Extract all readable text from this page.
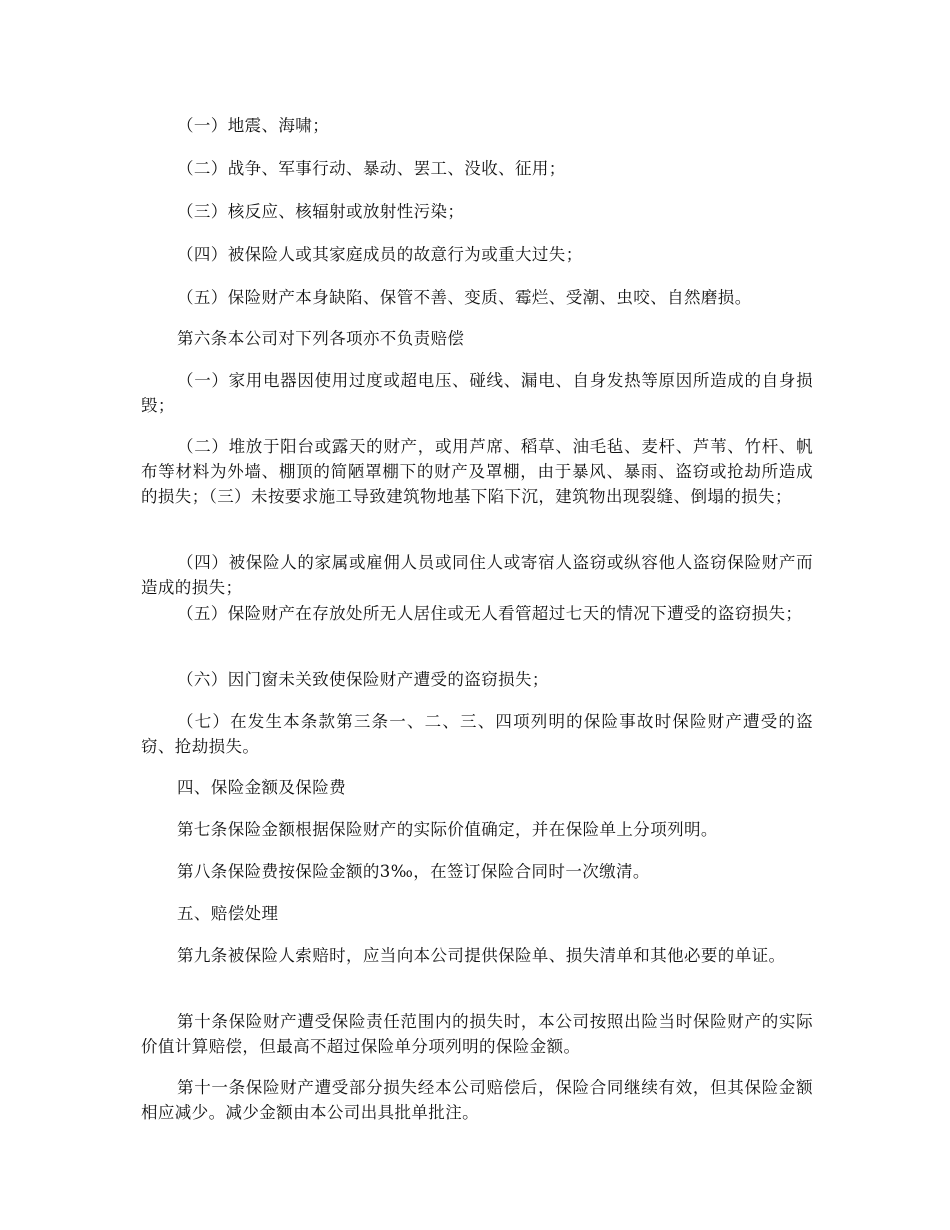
（一）地震、海啸；

（二）战争、军事行动、暴动、罢工、没收、征用；

（三）核反应、核辐射或放射性污染；

（四）被保险人或其家庭成员的故意行为或重大过失；

（五）保险财产本身缺陷、保管不善、变质、霉烂、受潮、虫咬、自然磨损。

第六条本公司对下列各项亦不负责赔偿

（一）家用电器因使用过度或超电压、碰线、漏电、自身发热等原因所造成的自身损毁；

（二）堆放于阳台或露天的财产，或用芦席、稻草、油毛毡、麦杆、芦苇、竹杆、帆布等材料为外墙、棚顶的简陋罩棚下的财产及罩棚，由于暴风、暴雨、盗窃或抢劫所造成的损失；（三）未按要求施工导致建筑物地基下陷下沉，建筑物出现裂缝、倒塌的损失；

（四）被保险人的家属或雇佣人员或同住人或寄宿人盗窃或纵容他人盗窃保险财产而造成的损失；

（五）保险财产在存放处所无人居住或无人看管超过七天的情况下遭受的盗窃损失；

（六）因门窗未关致使保险财产遭受的盗窃损失；

（七）在发生本条款第三条一、二、三、四项列明的保险事故时保险财产遭受的盗窃、抢劫损失。

四、保险金额及保险费

第七条保险金额根据保险财产的实际价值确定，并在保险单上分项列明。

第八条保险费按保险金额的3‰，在签订保险合同时一次缴清。

五、赔偿处理

第九条被保险人索赔时，应当向本公司提供保险单、损失清单和其他必要的单证。

第十条保险财产遭受保险责任范围内的损失时，本公司按照出险当时保险财产的实际价值计算赔偿，但最高不超过保险单分项列明的保险金额。

第十一条保险财产遭受部分损失经本公司赔偿后，保险合同继续有效，但其保险金额相应减少。减少金额由本公司出具批单批注。
